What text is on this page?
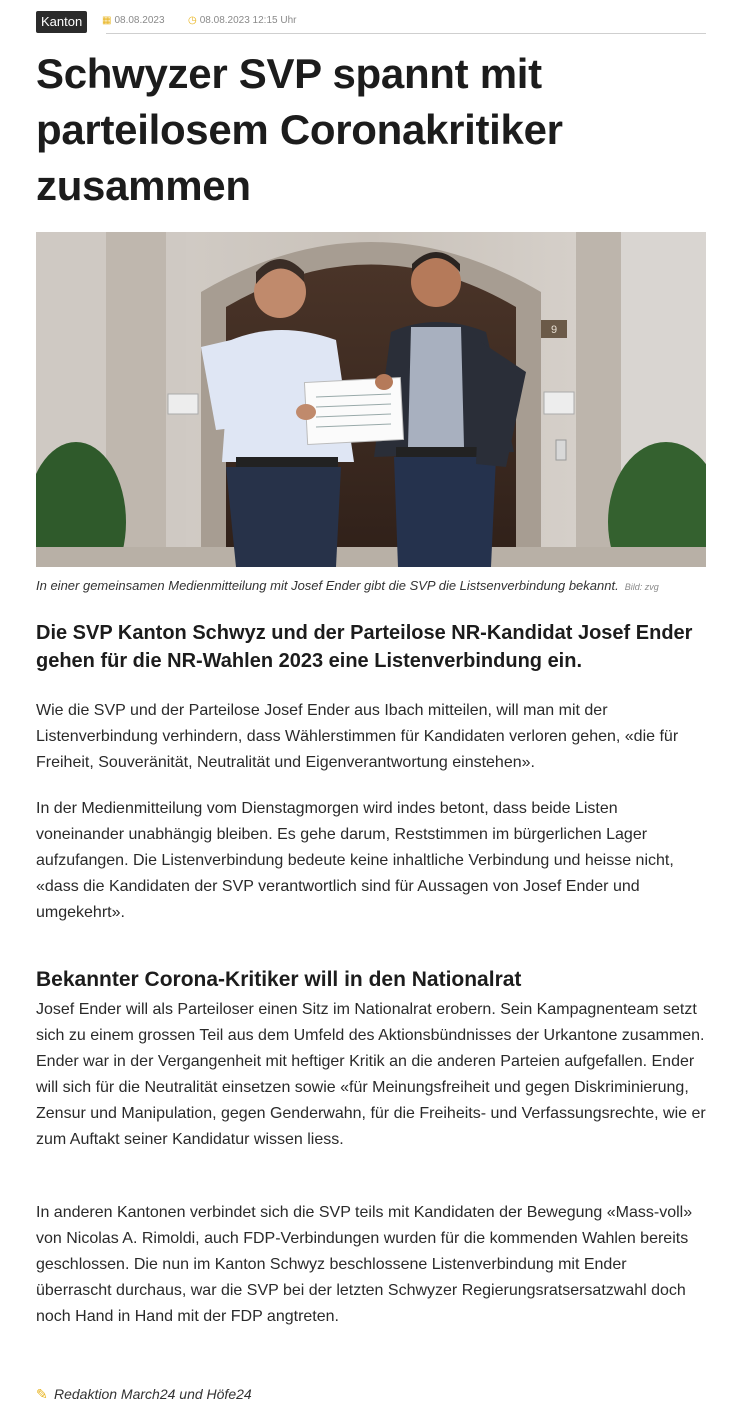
Kanton	▦ 08.08.2023 ◷ 08.08.2023 12:15 Uhr
Schwyzer SVP spannt mit parteilosem Coronakritiker zusammen
9
In einer gemeinsamen Medienmitteilung mit Josef Ender gibt die SVP die Listsenverbindung bekannt. Bild: zvg

Die SVP Kanton Schwyz und der Parteilose NR-Kandidat Josef Ender gehen für die NR-Wahlen 2023 eine Listenverbindung ein.

Wie die SVP und der Parteilose Josef Ender aus Ibach mitteilen, will man mit der Listenverbindung verhindern, dass Wählerstimmen für Kandidaten verloren gehen, «die für Freiheit, Souveränität, Neutralität und Eigenverantwortung einstehen».

In der Medienmitteilung vom Dienstagmorgen wird indes betont, dass beide Listen voneinander unabhängig bleiben. Es gehe darum, Reststimmen im bürgerlichen Lager aufzufangen. Die Listenverbindung bedeute keine inhaltliche Verbindung und heisse nicht, «dass die Kandidaten der SVP verantwortlich sind für Aussagen von Josef Ender und umgekehrt».

Bekannter Corona-Kritiker will in den Nationalrat

Josef Ender will als Parteiloser einen Sitz im Nationalrat erobern. Sein Kampagnenteam setzt sich zu einem grossen Teil aus dem Umfeld des Aktionsbündnisses der Urkantone zusammen. Ender war in der Vergangenheit mit heftiger Kritik an die anderen Parteien aufgefallen. Ender will sich für die Neutralität einsetzen sowie «für Meinungsfreiheit und gegen Diskriminierung, Zensur und Manipulation, gegen Genderwahn, für die Freiheits- und Verfassungsrechte, wie er zum Auftakt seiner Kandidatur wissen liess.

In anderen Kantonen verbindet sich die SVP teils mit Kandidaten der Bewegung «Mass-voll» von Nicolas A. Rimoldi, auch FDP-Verbindungen wurden für die kommenden Wahlen bereits geschlossen. Die nun im Kanton Schwyz beschlossene Listenverbindung mit Ender überrascht durchaus, war die SVP bei der letzten Schwyzer Regierungsratsersatzwahl doch noch Hand in Hand mit der FDP angtreten.

✎ Redaktion March24 und Höfe24
